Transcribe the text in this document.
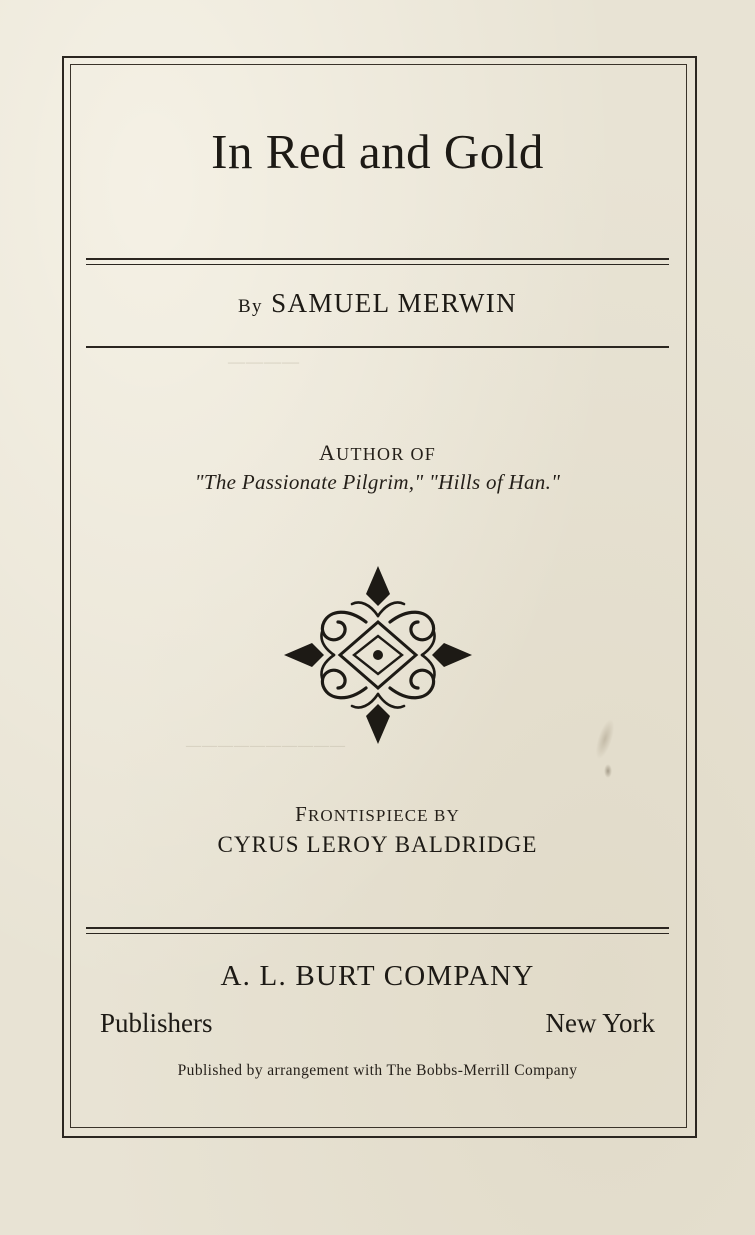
——————
————
——————————
In Red and Gold
By SAMUEL MERWIN
AUTHOR OF
"The Passionate Pilgrim," "Hills of Han."
FRONTISPIECE BY
CYRUS LEROY BALDRIDGE
A. L. BURT COMPANY
Publishers	New York
Published by arrangement with The Bobbs-Merrill Company
